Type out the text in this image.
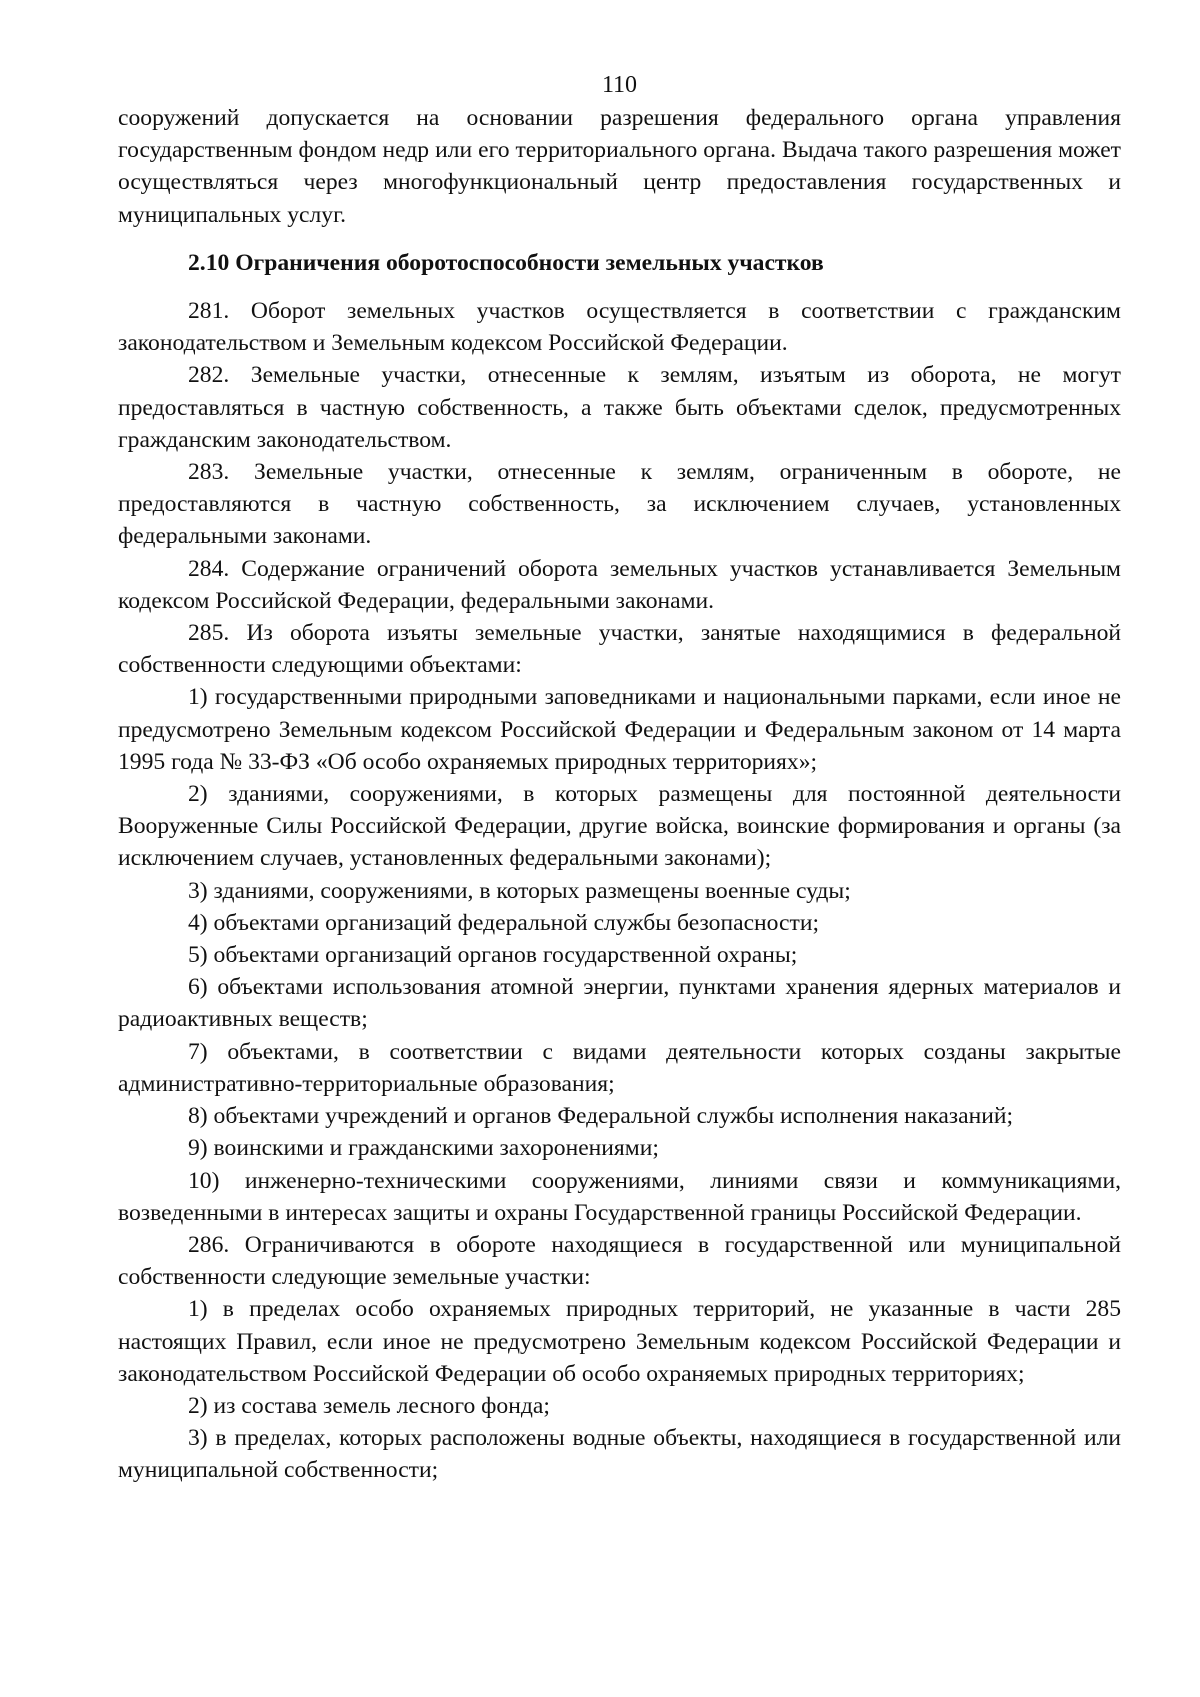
110

сооружений допускается на основании разрешения федерального органа управления государственным фондом недр или его территориального органа. Выдача такого разрешения может осуществляться через многофункциональный центр предоставления государственных и муниципальных услуг.

2.10 Ограничения оборотоспособности земельных участков

281. Оборот земельных участков осуществляется в соответствии с гражданским законодательством и Земельным кодексом Российской Федерации.

282. Земельные участки, отнесенные к землям, изъятым из оборота, не могут предоставляться в частную собственность, а также быть объектами сделок, предусмотренных гражданским законодательством.

283. Земельные участки, отнесенные к землям, ограниченным в обороте, не предоставляются в частную собственность, за исключением случаев, установленных федеральными законами.

284. Содержание ограничений оборота земельных участков устанавливается Земельным кодексом Российской Федерации, федеральными законами.

285. Из оборота изъяты земельные участки, занятые находящимися в федеральной собственности следующими объектами:

1) государственными природными заповедниками и национальными парками, если иное не предусмотрено Земельным кодексом Российской Федерации и Федеральным законом от 14 марта 1995 года № 33-ФЗ «Об особо охраняемых природных территориях»;

2) зданиями, сооружениями, в которых размещены для постоянной деятельности Вооруженные Силы Российской Федерации, другие войска, воинские формирования и органы (за исключением случаев, установленных федеральными законами);

3) зданиями, сооружениями, в которых размещены военные суды;

4) объектами организаций федеральной службы безопасности;

5) объектами организаций органов государственной охраны;

6) объектами использования атомной энергии, пунктами хранения ядерных материалов и радиоактивных веществ;

7) объектами, в соответствии с видами деятельности которых созданы закрытые административно-территориальные образования;

8) объектами учреждений и органов Федеральной службы исполнения наказаний;

9) воинскими и гражданскими захоронениями;

10) инженерно-техническими сооружениями, линиями связи и коммуникациями, возведенными в интересах защиты и охраны Государственной границы Российской Федерации.

286. Ограничиваются в обороте находящиеся в государственной или муниципальной собственности следующие земельные участки:

1) в пределах особо охраняемых природных территорий, не указанные в части 285 настоящих Правил, если иное не предусмотрено Земельным кодексом Российской Федерации и законодательством Российской Федерации об особо охраняемых природных территориях;

2) из состава земель лесного фонда;

3) в пределах, которых расположены водные объекты, находящиеся в государственной или муниципальной собственности;
